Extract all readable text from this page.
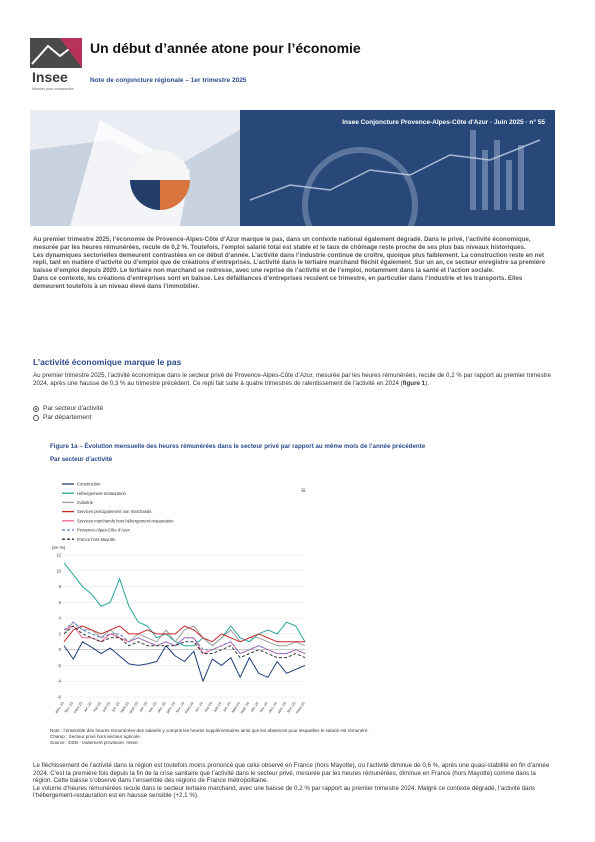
Insee
Mesurer pour comprendre
Un début d’année atone pour l’économie
Note de conjoncture régionale – 1er trimestre 2025
Insee Conjoncture Provence-Alpes-Côte d'Azur · Juin 2025 · n° 55

Au premier trimestre 2025, l’économie de Provence-Alpes-Côte d’Azur marque le pas, dans un contexte national également dégradé. Dans le privé, l’activité économique, mesurée par les heures rémunérées, recule de 0,2 %. Toutefois, l’emploi salarié total est stable et le taux de chômage reste proche de ses plus bas niveaux historiques.

Les dynamiques sectorielles demeurent contrastées en ce début d’année. L’activité dans l’industrie continue de croître, quoique plus faiblement. La construction reste en net repli, tant en matière d’activité ou d’emploi que de créations d’entreprises. L’activité dans le tertiaire marchand fléchit également. Sur un an, ce secteur enregistre sa première baisse d’emploi depuis 2020. Le tertiaire non marchand se redresse, avec une reprise de l’activité et de l’emploi, notamment dans la santé et l’action sociale.

Dans ce contexte, les créations d’entreprises sont en baisse. Les défaillances d’entreprises reculent ce trimestre, en particulier dans l’industrie et les transports. Elles demeurent toutefois à un niveau élevé dans l’immobilier.

L’activité économique marque le pas
Au premier trimestre 2025, l’activité économique dans le secteur privé de Provence-Alpes-Côte d’Azur, mesurée par les heures rémunérées, recule de 0,2 % par rapport au premier trimestre 2024, après une hausse de 0,3 % au trimestre précédent. Ce repli fait suite à quatre trimestres de ralentissement de l’activité en 2024 (figure 1).
Par secteur d'activité
Par département
Figure 1a – Évolution mensuelle des heures rémunérées dans le secteur privé par rapport au même mois de l’année précédente
Par secteur d’activité
≡
Construction
Hébergement-restauration
Industrie
Services principalement non marchands
Services marchands hors hébergement-restauration
Provence-Alpes-Côte d’Azur
France hors Mayotte
(en %)
12
10
8
6
4
2
0
-2
-4
-6
janv.-23 févr.-23
mars-23 avr.-23 mai-23 juin-23 juil.-23
août-23
sept.-23 oct.-23 nov.-23 déc.-23
janv.-24 févr.-24
mars-24 avr.-24 mai-24 juin-24 juil.-24
août-24
sept.-24 oct.-24 nov.-24 déc.-24
janv.-25 févr.-25
mars-25
Note : l’ensemble des heures rémunérées des salariés y compris les heures supplémentaires ainsi que les absences pour lesquelles le salarié est rémunéré.
Champ : Secteur privé hors secteur agricole.
Source : DSN - traitement provisoire, Insee.

Le fléchissement de l’activité dans la région est toutefois moins prononcé que celui observé en France (hors Mayotte), où l’activité diminue de 0,6 %, après une quasi-stabilité en fin d’année 2024. C’est la première fois depuis la fin de la crise sanitaire que l’activité dans le secteur privé, mesurée par les heures rémunérées, diminue en France (hors Mayotte) comme dans la région. Cette baisse s’observe dans l’ensemble des régions de France métropolitaine.

Le volume d’heures rémunérées recule dans le secteur tertiaire marchand, avec une baisse de 0,2 % par rapport au premier trimestre 2024. Malgré ce contexte dégradé, l’activité dans l’hébergement-restauration est en hausse sensible (+2,1 %).
